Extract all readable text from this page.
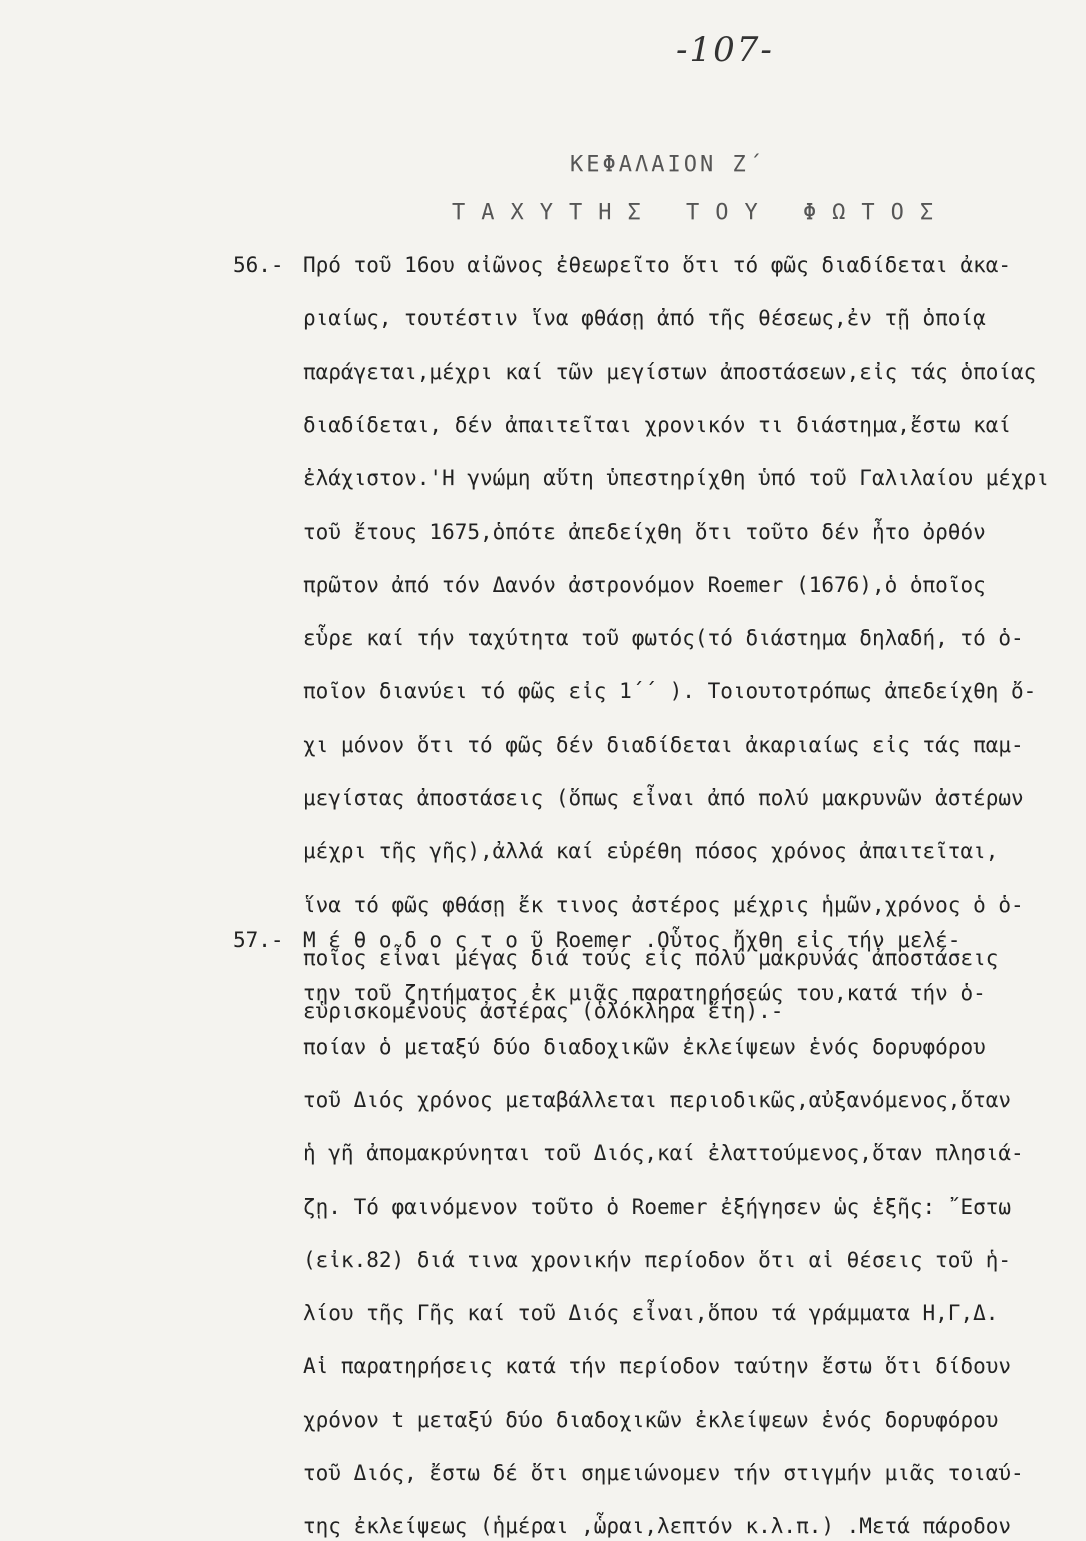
-107-
ΚΕΦΑΛΑΙΟΝ Ζ΄
ΤΑΧΥΤΗΣ ΤΟΥ ΦΩΤΟΣ
56.- Πρό τοῦ 16ου αἰῶνος ἐθεωρεῖτο ὅτι τό φῶς διαδίδεται ἀκα-
ριαίως, τουτέστιν ἵνα φθάσῃ ἀπό τῆς θέσεως,ἐν τῇ ὁποίᾳ
παράγεται,μέχρι καί τῶν μεγίστων ἀποστάσεων,εἰς τάς ὁποίας
διαδίδεται, δέν ἀπαιτεῖται χρονικόν τι διάστημα,ἔστω καί
ἐλάχιστον.'Η γνώμη αὕτη ὑπεστηρίχθη ὑπό τοῦ Γαλιλαίου μέχρι
τοῦ ἔτους 1675,ὁπότε ἀπεδείχθη ὅτι τοῦτο δέν ἦτο ὀρθόν
πρῶτον ἀπό τόν Δανόν ἀστρονόμον Roemer (1676),ὁ ὁποῖος
εὗρε καί τήν ταχύτητα τοῦ φωτός(τό διάστημα δηλαδή, τό ὁ-
ποῖον διανύει τό φῶς εἰς 1΄΄ ). Τοιουτοτρόπως ἀπεδείχθη ὄ-
χι μόνον ὅτι τό φῶς δέν διαδίδεται ἀκαριαίως εἰς τάς παμ-
μεγίστας ἀποστάσεις (ὅπως εἶναι ἀπό πολύ μακρυνῶν ἀστέρων
μέχρι τῆς γῆς),ἀλλά καί εὑρέθη πόσος χρόνος ἀπαιτεῖται,
ἵνα τό φῶς φθάσῃ ἔκ τινος ἀστέρος μέχρις ἡμῶν,χρόνος ὁ ὁ-
ποῖος εἶναι μέγας διά τούς εἰς πολύ μακρυνάς ἀποστάσεις
εὑρισκομένους ἀστέρας (ὁλόκληρα ἔτη).-
57.- Μ έ θ ο δ ο ς τ ο ῦ Roemer .Οὗτος ἤχθη εἰς τήν μελέ-
την τοῦ ζητήματος ἐκ μιᾶς παρατηρήσεώς του,κατά τήν ὁ-
ποίαν ὁ μεταξύ δύο διαδοχικῶν ἐκλείψεων ἑνός δορυφόρου
τοῦ Διός χρόνος μεταβάλλεται περιοδικῶς,αὐξανόμενος,ὅταν
ἡ γῆ ἀπομακρύνηται τοῦ Διός,καί ἐλαττούμενος,ὅταν πλησιά-
ζῃ. Τό φαινόμενον τοῦτο ὁ Roemer ἐξήγησεν ὡς ἑξῆς: ῎Εστω
(εἰκ.82) διά τινα χρονικήν περίοδον ὅτι αἱ θέσεις τοῦ ἡ-
λίου τῆς Γῆς καί τοῦ Διός εἶναι,ὅπου τά γράμματα Η,Γ,Δ.
Αἱ παρατηρήσεις κατά τήν περίοδον ταύτην ἔστω ὅτι δίδουν
χρόνον t μεταξύ δύο διαδοχικῶν ἐκλείψεων ἑνός δορυφόρου
τοῦ Διός, ἔστω δέ ὅτι σημειώνομεν τήν στιγμήν μιᾶς τοιαύ-
της ἐκλείψεως (ἡμέραι ,ὧραι,λεπτόν κ.λ.π.) .Μετά πάροδον
